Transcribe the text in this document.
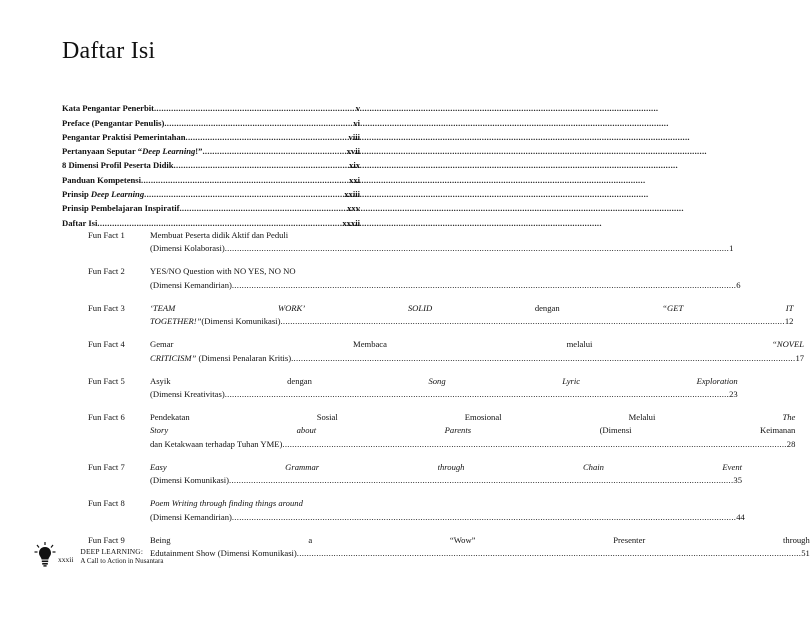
Daftar Isi
Kata Pengantar Penerbit .....	v
Preface (Pengantar Penulis) .....	vi
Pengantar Praktisi Pemerintahan .....	viii
Pertanyaan Seputar “Deep Learning!” .....	xvii
8 Dimensi Profil Peserta Didik .....	xix
Panduan Kompetensi .....	xxi
Prinsip Deep Learning .....	xxiii
Prinsip Pembelajaran Inspiratif .....	xxv
Daftar Isi .....	xxxii
Fun Fact 1	Membuat Peserta didik Aktif dan Peduli
(Dimensi Kolaborasi) .....	1
Fun Fact 2	YES/NO Question with NO YES, NO NO
(Dimensi Kemandirian) .....	6
Fun Fact 3	‘TEAM WORK’	SOLID dengan “GET IT
TOGETHER!”(Dimensi Komunikasi) .....	12
Fun Fact 4	Gemar Membaca melalui “NOVEL
CRITICISM” (Dimensi Penalaran Kritis) .....	17
Fun Fact 5	Asyik dengan Song Lyric Exploration
(Dimensi Kreativitas) .....	23
Fun Fact 6	Pendekatan Sosial Emosional Melalui The
Story about Parents (Dimensi Keimanan
dan Ketakwaan terhadap Tuhan YME) .....	28
Fun Fact 7	Easy Grammar through Chain Event
(Dimensi Komunikasi) .....	35
Fun Fact 8	Poem Writing through finding things around
(Dimensi Kemandirian) .....	44
Fun Fact 9	Being a “Wow” Presenter through
Edutainment Show (Dimensi Komunikasi) .....	51
xxxii
DEEP LEARNING:
A Call to Action in Nusantara
